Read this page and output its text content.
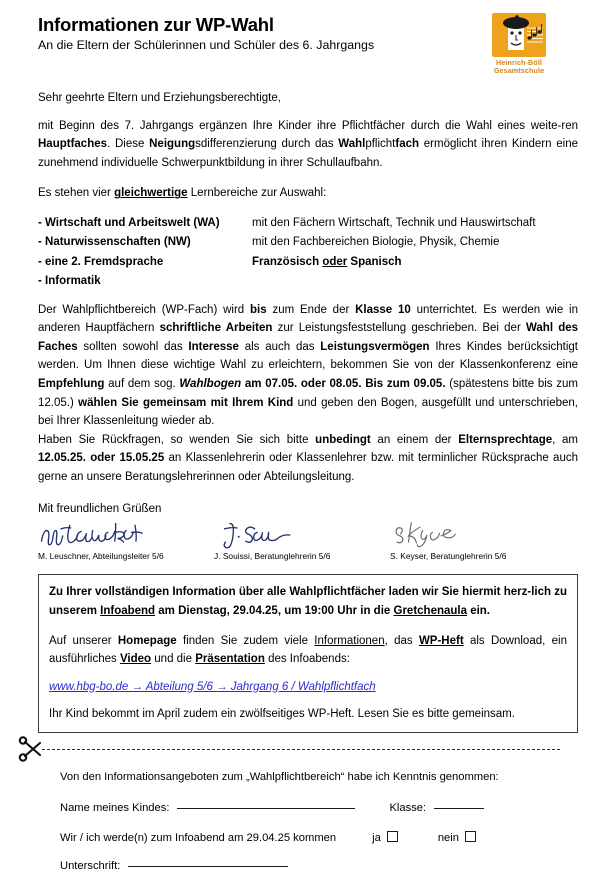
Informationen zur WP-Wahl
An die Eltern der Schülerinnen und Schüler des 6. Jahrgangs
Heinrich-Böll
Gesamtschule

Sehr geehrte Eltern und Erziehungsberechtigte,

mit Beginn des 7. Jahrgangs ergänzen Ihre Kinder ihre Pflichtfächer durch die Wahl eines weite-ren Hauptfaches. Diese Neigungsdifferenzierung durch das Wahlpflichtfach ermöglicht ihren Kindern eine zunehmend individuelle Schwerpunktbildung in ihrer Schullaufbahn.

Es stehen vier gleichwertige Lernbereiche zur Auswahl:

- Wirtschaft und Arbeitswelt (WA)	mit den Fächern Wirtschaft, Technik und Hauswirtschaft
- Naturwissenschaften (NW)	mit den Fachbereichen Biologie, Physik, Chemie
- eine 2. Fremdsprache	Französisch oder Spanisch
- Informatik

Der Wahlpflichtbereich (WP-Fach) wird bis zum Ende der Klasse 10 unterrichtet. Es werden wie in anderen Hauptfächern schriftliche Arbeiten zur Leistungsfeststellung geschrieben. Bei der Wahl des Faches sollten sowohl das Interesse als auch das Leistungsvermögen Ihres Kindes berücksichtigt werden. Um Ihnen diese wichtige Wahl zu erleichtern, bekommen Sie von der Klassenkonferenz eine Empfehlung auf dem sog. Wahlbogen am 07.05. oder 08.05. Bis zum 09.05. (spätestens bitte bis zum 12.05.) wählen Sie gemeinsam mit Ihrem Kind und geben den Bogen, ausgefüllt und unterschrieben, bei Ihrer Klassenleitung wieder ab.

Haben Sie Rückfragen, so wenden Sie sich bitte unbedingt an einem der Elternsprechtage, am 12.05.25. oder 15.05.25 an Klassenlehrerin oder Klassenlehrer bzw. mit terminlicher Rücksprache auch gerne an unsere Beratungslehrerinnen oder Abteilungsleitung.

Mit freundlichen Grüßen
M. Leuschner, Abteilungsleiter 5/6	J. Souissi, Beratunglehrerin 5/6	S. Keyser, Beratunglehrerin 5/6

Zu Ihrer vollständigen Information über alle Wahlpflichtfächer laden wir Sie hiermit herz-lich zu unserem Infoabend am Dienstag, 29.04.25, um 19:00 Uhr in die Gretchenaula ein.

Auf unserer Homepage finden Sie zudem viele Informationen, das WP-Heft als Download, ein ausführliches Video und die Präsentation des Infoabends:

www.hbg-bo.de → Abteilung 5/6 → Jahrgang 6 / Wahlpflichtfach

Ihr Kind bekommt im April zudem ein zwölfseitiges WP-Heft. Lesen Sie es bitte gemeinsam.

Von den Informationsangeboten zum „Wahlpflichtbereich“ habe ich Kenntnis genommen:
Name meines Kindes:	Klasse:
Wir / ich werde(n) zum Infoabend am 29.04.25 kommen	ja	nein
Unterschrift:
